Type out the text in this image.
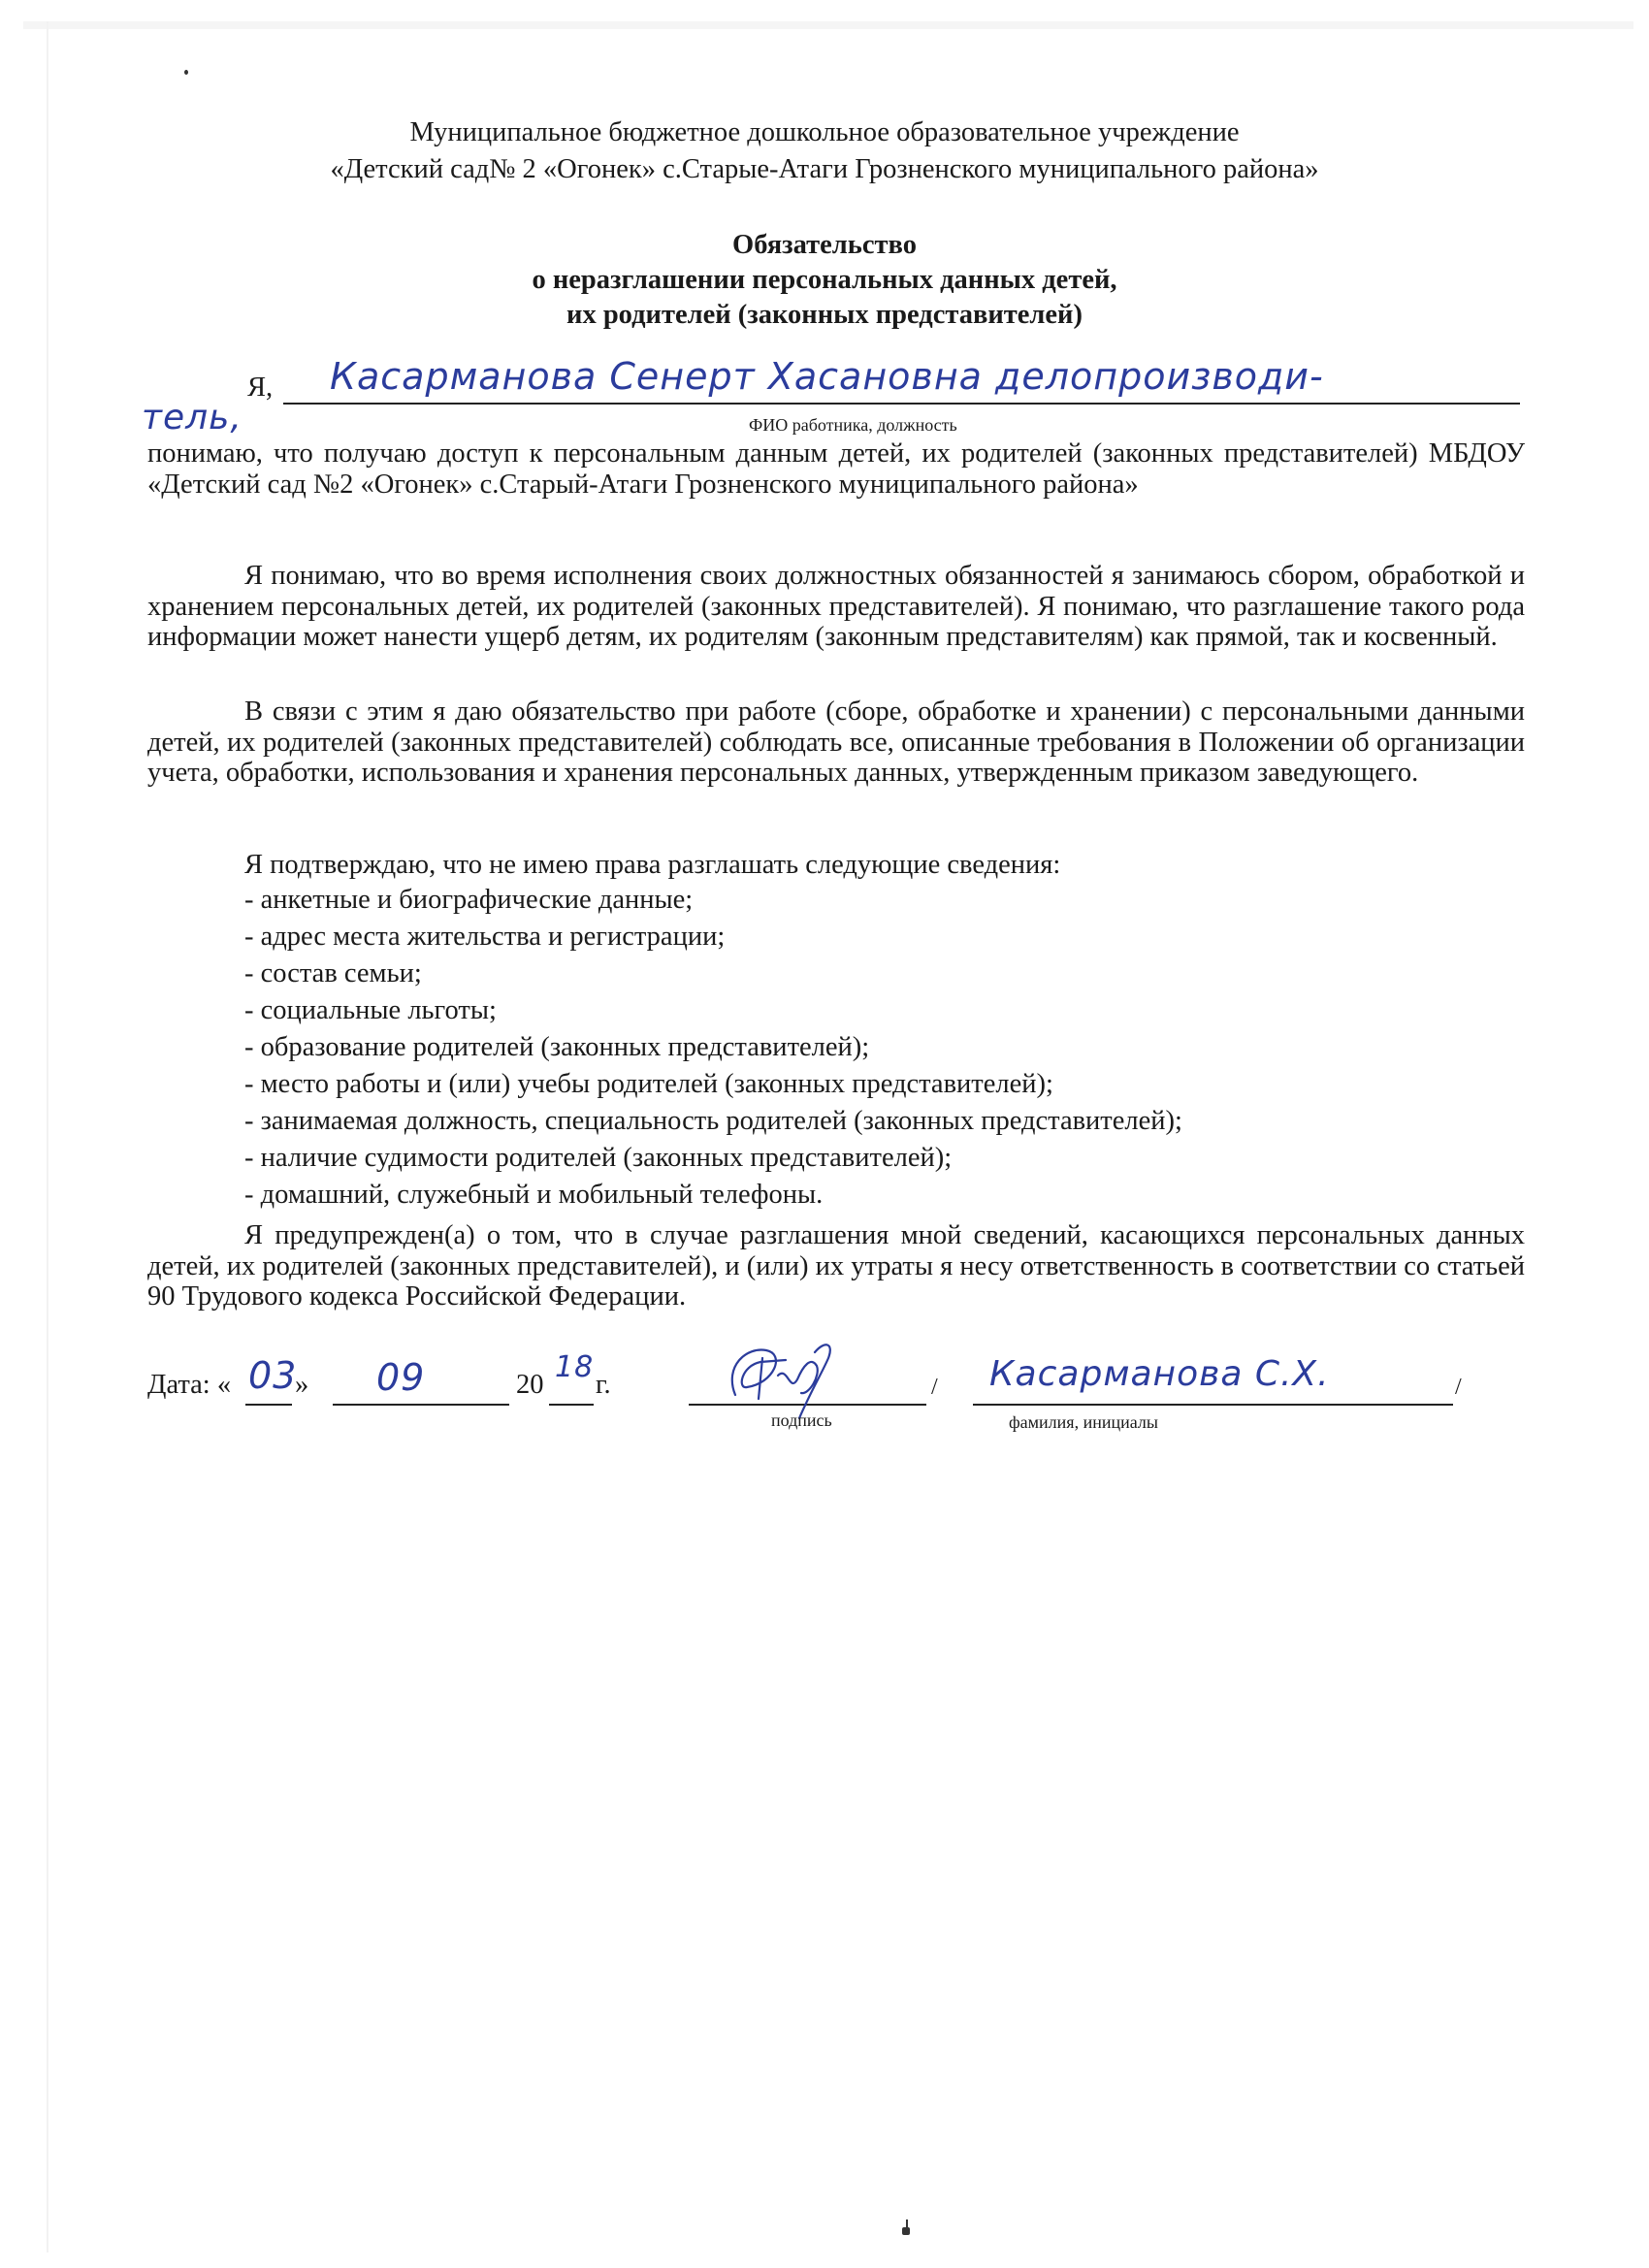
Муниципальное бюджетное дошкольное образовательное учреждение
«Детский сад№ 2 «Огонек» с.Старые-Атаги Грозненского муниципального района»
Обязательство
о неразглашении персональных данных детей,
их родителей (законных представителей)
Я, Касарманова Сенерт Хасановна делопроизводи-
тель,	ФИО работника, должность
понимаю, что получаю доступ к персональным данным детей, их родителей (законных представителей) МБДОУ «Детский сад №2 «Огонек» с.Старый-Атаги Грозненского муниципального района»
Я понимаю, что во время исполнения своих должностных обязанностей я занимаюсь сбором, обработкой и хранением персональных детей, их родителей (законных представителей). Я понимаю, что разглашение такого рода информации может нанести ущерб детям, их родителям (законным представителям) как прямой, так и косвенный.
В связи с этим я даю обязательство при работе (сборе, обработке и хранении) с персональными данными детей, их родителей (законных представителей) соблюдать все, описанные требования в Положении об организации учета, обработки, использования и хранения персональных данных, утвержденным приказом заведующего.
Я подтверждаю, что не имею права разглашать следующие сведения:
- анкетные и биографические данные;
- адрес места жительства и регистрации;
- состав семьи;
- социальные льготы;
- образование родителей (законных представителей);
- место работы и (или) учебы родителей (законных представителей);
- занимаемая должность, специальность родителей (законных представителей);
- наличие судимости родителей (законных представителей);
- домашний, служебный и мобильный телефоны.
Я предупрежден(а) о том, что в случае разглашения мной сведений, касающихся персональных данных детей, их родителей (законных представителей), и (или) их утраты я несу ответственность в соответствии со статьей 90 Трудового кодекса Российской Федерации.
Дата: « 03
» 09	20
18
г.
подпись
/ Касарманова С.Х.	/
фамилия, инициалы
